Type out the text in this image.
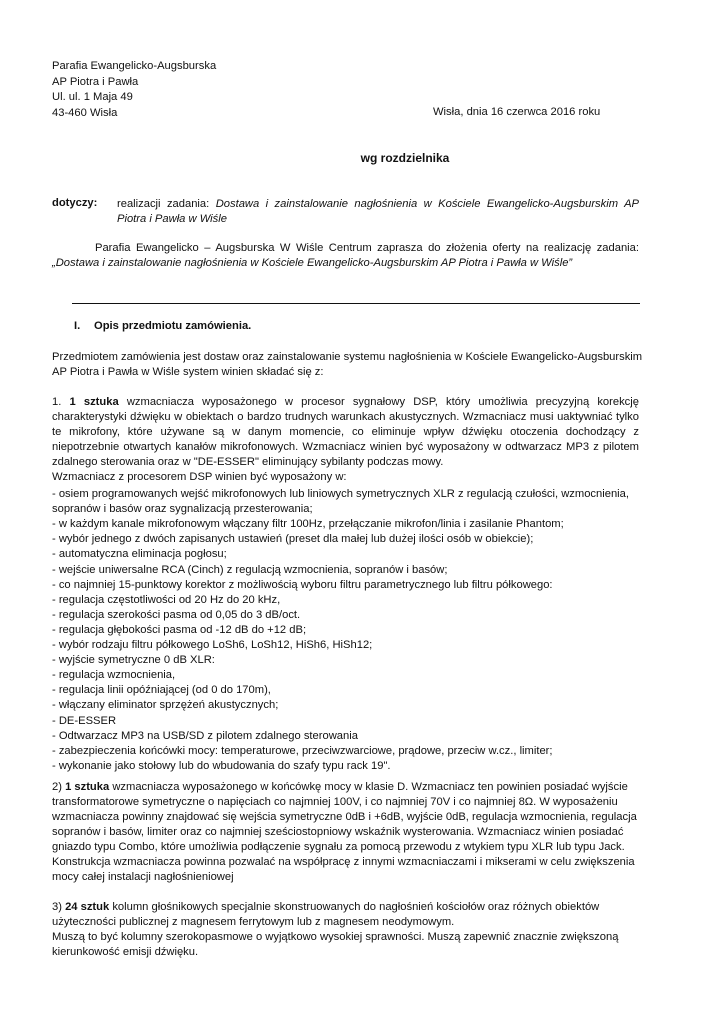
Parafia Ewangelicko-Augsburska
AP Piotra i Pawła
Ul. ul. 1 Maja 49
43-460 Wisła	Wisła, dnia 16 czerwca 2016 roku
wg rozdzielnika
dotyczy: realizacji zadania: Dostawa i zainstalowanie nagłośnienia w Kościele Ewangelicko-Augsburskim AP
Piotra i Pawła w Wiśle
Parafia Ewangelicko – Augsburska W Wiśle Centrum zaprasza do złożenia oferty na realizację zadania:
„Dostawa i zainstalowanie nagłośnienia w Kościele Ewangelicko-Augsburskim AP Piotra i Pawła w Wiśle”
I. Opis przedmiotu zamówienia.
Przedmiotem zamówienia jest dostaw oraz zainstalowanie systemu nagłośnienia w Kościele Ewangelicko-Augsburskim
AP Piotra i Pawła w Wiśle system winien składać się z:
1. 1 sztuka wzmacniacza wyposażonego w procesor sygnałowy DSP, który umożliwia precyzyjną korekcję
charakterystyki dźwięku w obiektach o bardzo trudnych warunkach akustycznych. Wzmacniacz musi uaktywniać tylko
te mikrofony, które używane są w danym momencie, co eliminuje wpływ dźwięku otoczenia dochodzący z
niepotrzebnie otwartych kanałów mikrofonowych. Wzmacniacz winien być wyposażony w odtwarzacz MP3 z pilotem
zdalnego sterowania oraz w "DE-ESSER" eliminujący sybilanty podczas mowy.
Wzmacniacz z procesorem DSP winien być wyposażony w:
- osiem programowanych wejść mikrofonowych lub liniowych symetrycznych XLR z regulacją czułości, wzmocnienia,
sopranów i basów oraz sygnalizacją przesterowania;
- w każdym kanale mikrofonowym włączany filtr 100Hz, przełączanie mikrofon/linia i zasilanie Phantom;
- wybór jednego z dwóch zapisanych ustawień (preset dla małej lub dużej ilości osób w obiekcie);
- automatyczna eliminacja pogłosu;
- wejście uniwersalne RCA (Cinch) z regulacją wzmocnienia, sopranów i basów;
- co najmniej 15-punktowy korektor z możliwością wyboru filtru parametrycznego lub filtru półkowego:
- regulacja częstotliwości od 20 Hz do 20 kHz,
- regulacja szerokości pasma od 0,05 do 3 dB/oct.
- regulacja głębokości pasma od -12 dB do +12 dB;
- wybór rodzaju filtru półkowego LoSh6, LoSh12, HiSh6, HiSh12;
- wyjście symetryczne 0 dB XLR:
- regulacja wzmocnienia,
- regulacja linii opóźniającej (od 0 do 170m),
- włączany eliminator sprzężeń akustycznych;
- DE-ESSER
- Odtwarzacz MP3 na USB/SD z pilotem zdalnego sterowania
- zabezpieczenia końcówki mocy: temperaturowe, przeciwzwarciowe, prądowe, przeciw w.cz., limiter;
- wykonanie jako stołowy lub do wbudowania do szafy typu rack 19".
2) 1 sztuka wzmacniacza wyposażonego w końcówkę mocy w klasie D. Wzmacniacz ten powinien posiadać wyjście
transformatorowe symetryczne o napięciach co najmniej 100V, i co najmniej 70V i co najmniej 8Ω. W wyposażeniu
wzmacniacza powinny znajdować się wejścia symetryczne 0dB i +6dB, wyjście 0dB, regulacja wzmocnienia, regulacja
sopranów i basów, limiter oraz co najmniej sześciostopniowy wskaźnik wysterowania. Wzmacniacz winien posiadać
gniazdo typu Combo, które umożliwia podłączenie sygnału za pomocą przewodu z wtykiem typu XLR lub typu Jack.
Konstrukcja wzmacniacza powinna pozwalać na współpracę z innymi wzmacniaczami i mikserami w celu zwiększenia
mocy całej instalacji nagłośnieniowej
3) 24 sztuk kolumn głośnikowych specjalnie skonstruowanych do nagłośnień kościołów oraz różnych obiektów
użyteczności publicznej z magnesem ferrytowym lub z magnesem neodymowym.
Muszą to być kolumny szerokopasmowe o wyjątkowo wysokiej sprawności. Muszą zapewnić znacznie zwiększoną
kierunkowość emisji dźwięku.
